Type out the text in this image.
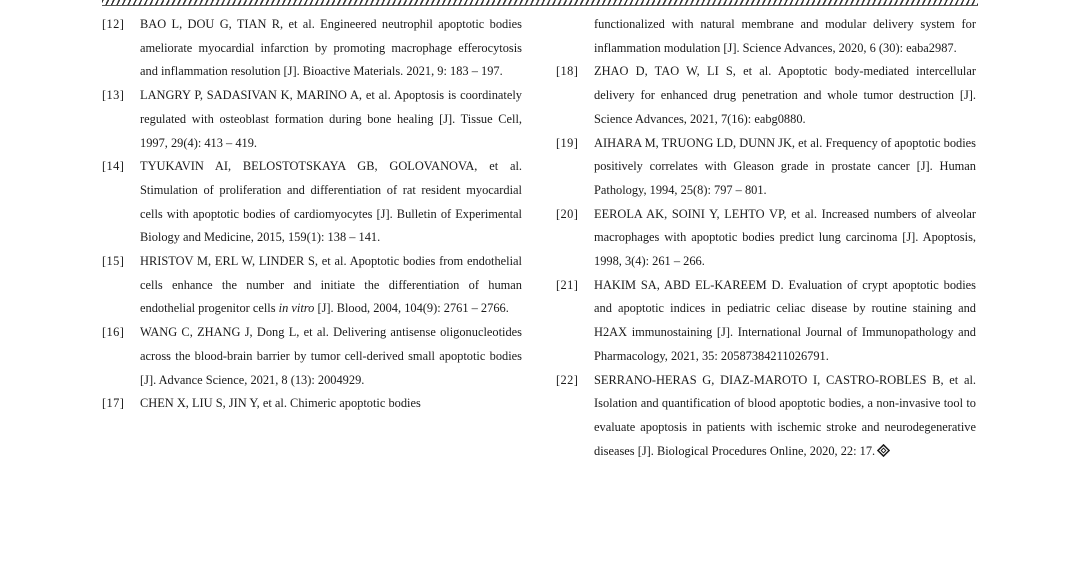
[12]	BAO L, DOU G, TIAN R, et al. Engineered neutrophil apoptotic bodies ameliorate myocardial infarction by promoting macrophage efferocytosis and inflammation resolution [J]. Bioactive Materials. 2021, 9: 183 – 197.
[13]	LANGRY P, SADASIVAN K, MARINO A, et al. Apoptosis is coordinately regulated with osteoblast formation during bone healing [J]. Tissue Cell, 1997, 29(4): 413 – 419.
[14]	TYUKAVIN AI, BELOSTOTSKAYA GB, GOLOVANOVA, et al. Stimulation of proliferation and differentiation of rat resident myocardial cells with apoptotic bodies of cardiomyocytes [J]. Bulletin of Experimental Biology and Medicine, 2015, 159(1): 138 – 141.
[15]	HRISTOV M, ERL W, LINDER S, et al. Apoptotic bodies from endothelial cells enhance the number and initiate the differentiation of human endothelial progenitor cells in vitro [J]. Blood, 2004, 104(9): 2761 – 2766.
[16]	WANG C, ZHANG J, Dong L, et al. Delivering antisense oligonucleotides across the blood-brain barrier by tumor cell-derived small apoptotic bodies [J]. Advance Science, 2021, 8 (13): 2004929.
[17]	CHEN X, LIU S, JIN Y, et al. Chimeric apoptotic bodies
functionalized with natural membrane and modular delivery system for inflammation modulation [J]. Science Advances, 2020, 6 (30): eaba2987.
[18]	ZHAO D, TAO W, LI S, et al. Apoptotic body-mediated intercellular delivery for enhanced drug penetration and whole tumor destruction [J]. Science Advances, 2021, 7(16): eabg0880.
[19]	AIHARA M, TRUONG LD, DUNN JK, et al. Frequency of apoptotic bodies positively correlates with Gleason grade in prostate cancer [J]. Human Pathology, 1994, 25(8): 797 – 801.
[20]	EEROLA AK, SOINI Y, LEHTO VP, et al. Increased numbers of alveolar macrophages with apoptotic bodies predict lung carcinoma [J]. Apoptosis, 1998, 3(4): 261 – 266.
[21]	HAKIM SA, ABD EL-KAREEM D. Evaluation of crypt apoptotic bodies and apoptotic indices in pediatric celiac disease by routine staining and H2AX immunostaining [J]. International Journal of Immunopathology and Pharmacology, 2021, 35: 20587384211026791.
[22]	SERRANO-HERAS G, DIAZ-MAROTO I, CASTRO-ROBLES B, et al. Isolation and quantification of blood apoptotic bodies, a non-invasive tool to evaluate apoptosis in patients with ischemic stroke and neurodegenerative diseases [J]. Biological Procedures Online, 2020, 22: 17.
